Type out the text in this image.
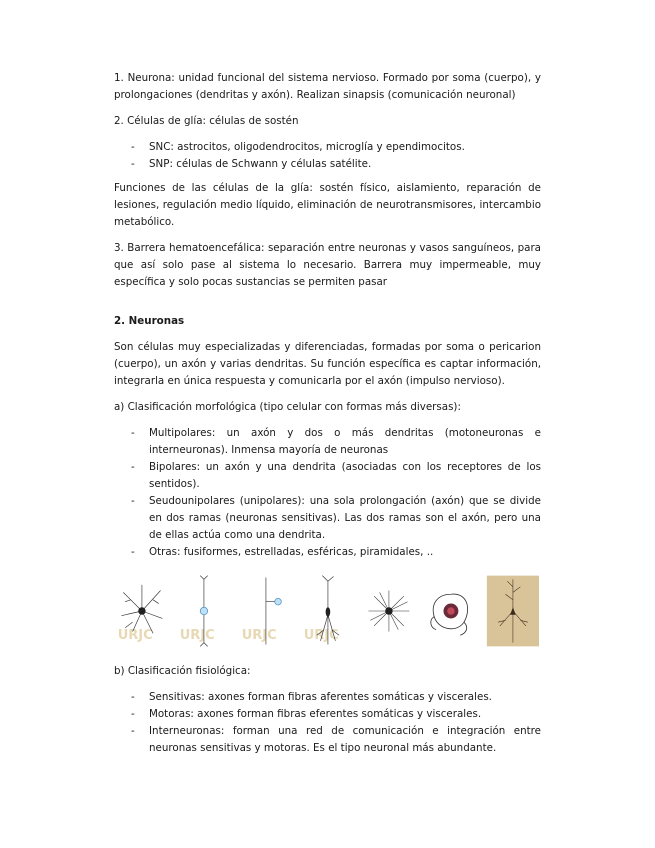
1. Neurona: unidad funcional del sistema nervioso. Formado por soma (cuerpo), y prolongaciones (dendritas y axón). Realizan sinapsis (comunicación neuronal)

2. Células de glía: células de sostén

- SNC: astrocitos, oligodendrocitos, microglía y ependimocitos.
- SNP: células de Schwann y células satélite.

Funciones de las células de la glía: sostén físico, aislamiento, reparación de lesiones, regulación medio líquido, eliminación de neurotransmisores, intercambio metabólico.

3. Barrera hematoencefálica: separación entre neuronas y vasos sanguíneos, para que así solo pase al sistema lo necesario. Barrera muy impermeable, muy específica y solo pocas sustancias se permiten pasar

2. Neuronas

Son células muy especializadas y diferenciadas, formadas por soma o pericarion (cuerpo), un axón y varias dendritas. Su función específica es captar información, integrarla en única respuesta y comunicarla por el axón (impulso nervioso).

a) Clasificación morfológica (tipo celular con formas más diversas):

- Multipolares: un axón y dos o más dendritas (motoneuronas e interneuronas). Inmensa mayoría de neuronas
- Bipolares: un axón y una dendrita (asociadas con los receptores de los sentidos).
- Seudounipolares (unipolares): una sola prolongación (axón) que se divide en dos ramas (neuronas sensitivas). Las dos ramas son el axón, pero una de ellas actúa como una dendrita.
- Otras: fusiformes, estrelladas, esféricas, piramidales, ..
URJC URJC URJC URJC

b) Clasificación fisiológica:

- Sensitivas: axones forman fibras aferentes somáticas y viscerales.
- Motoras: axones forman fibras eferentes somáticas y viscerales.
- Interneuronas: forman una red de comunicación e integración entre neuronas sensitivas y motoras. Es el tipo neuronal más abundante.
